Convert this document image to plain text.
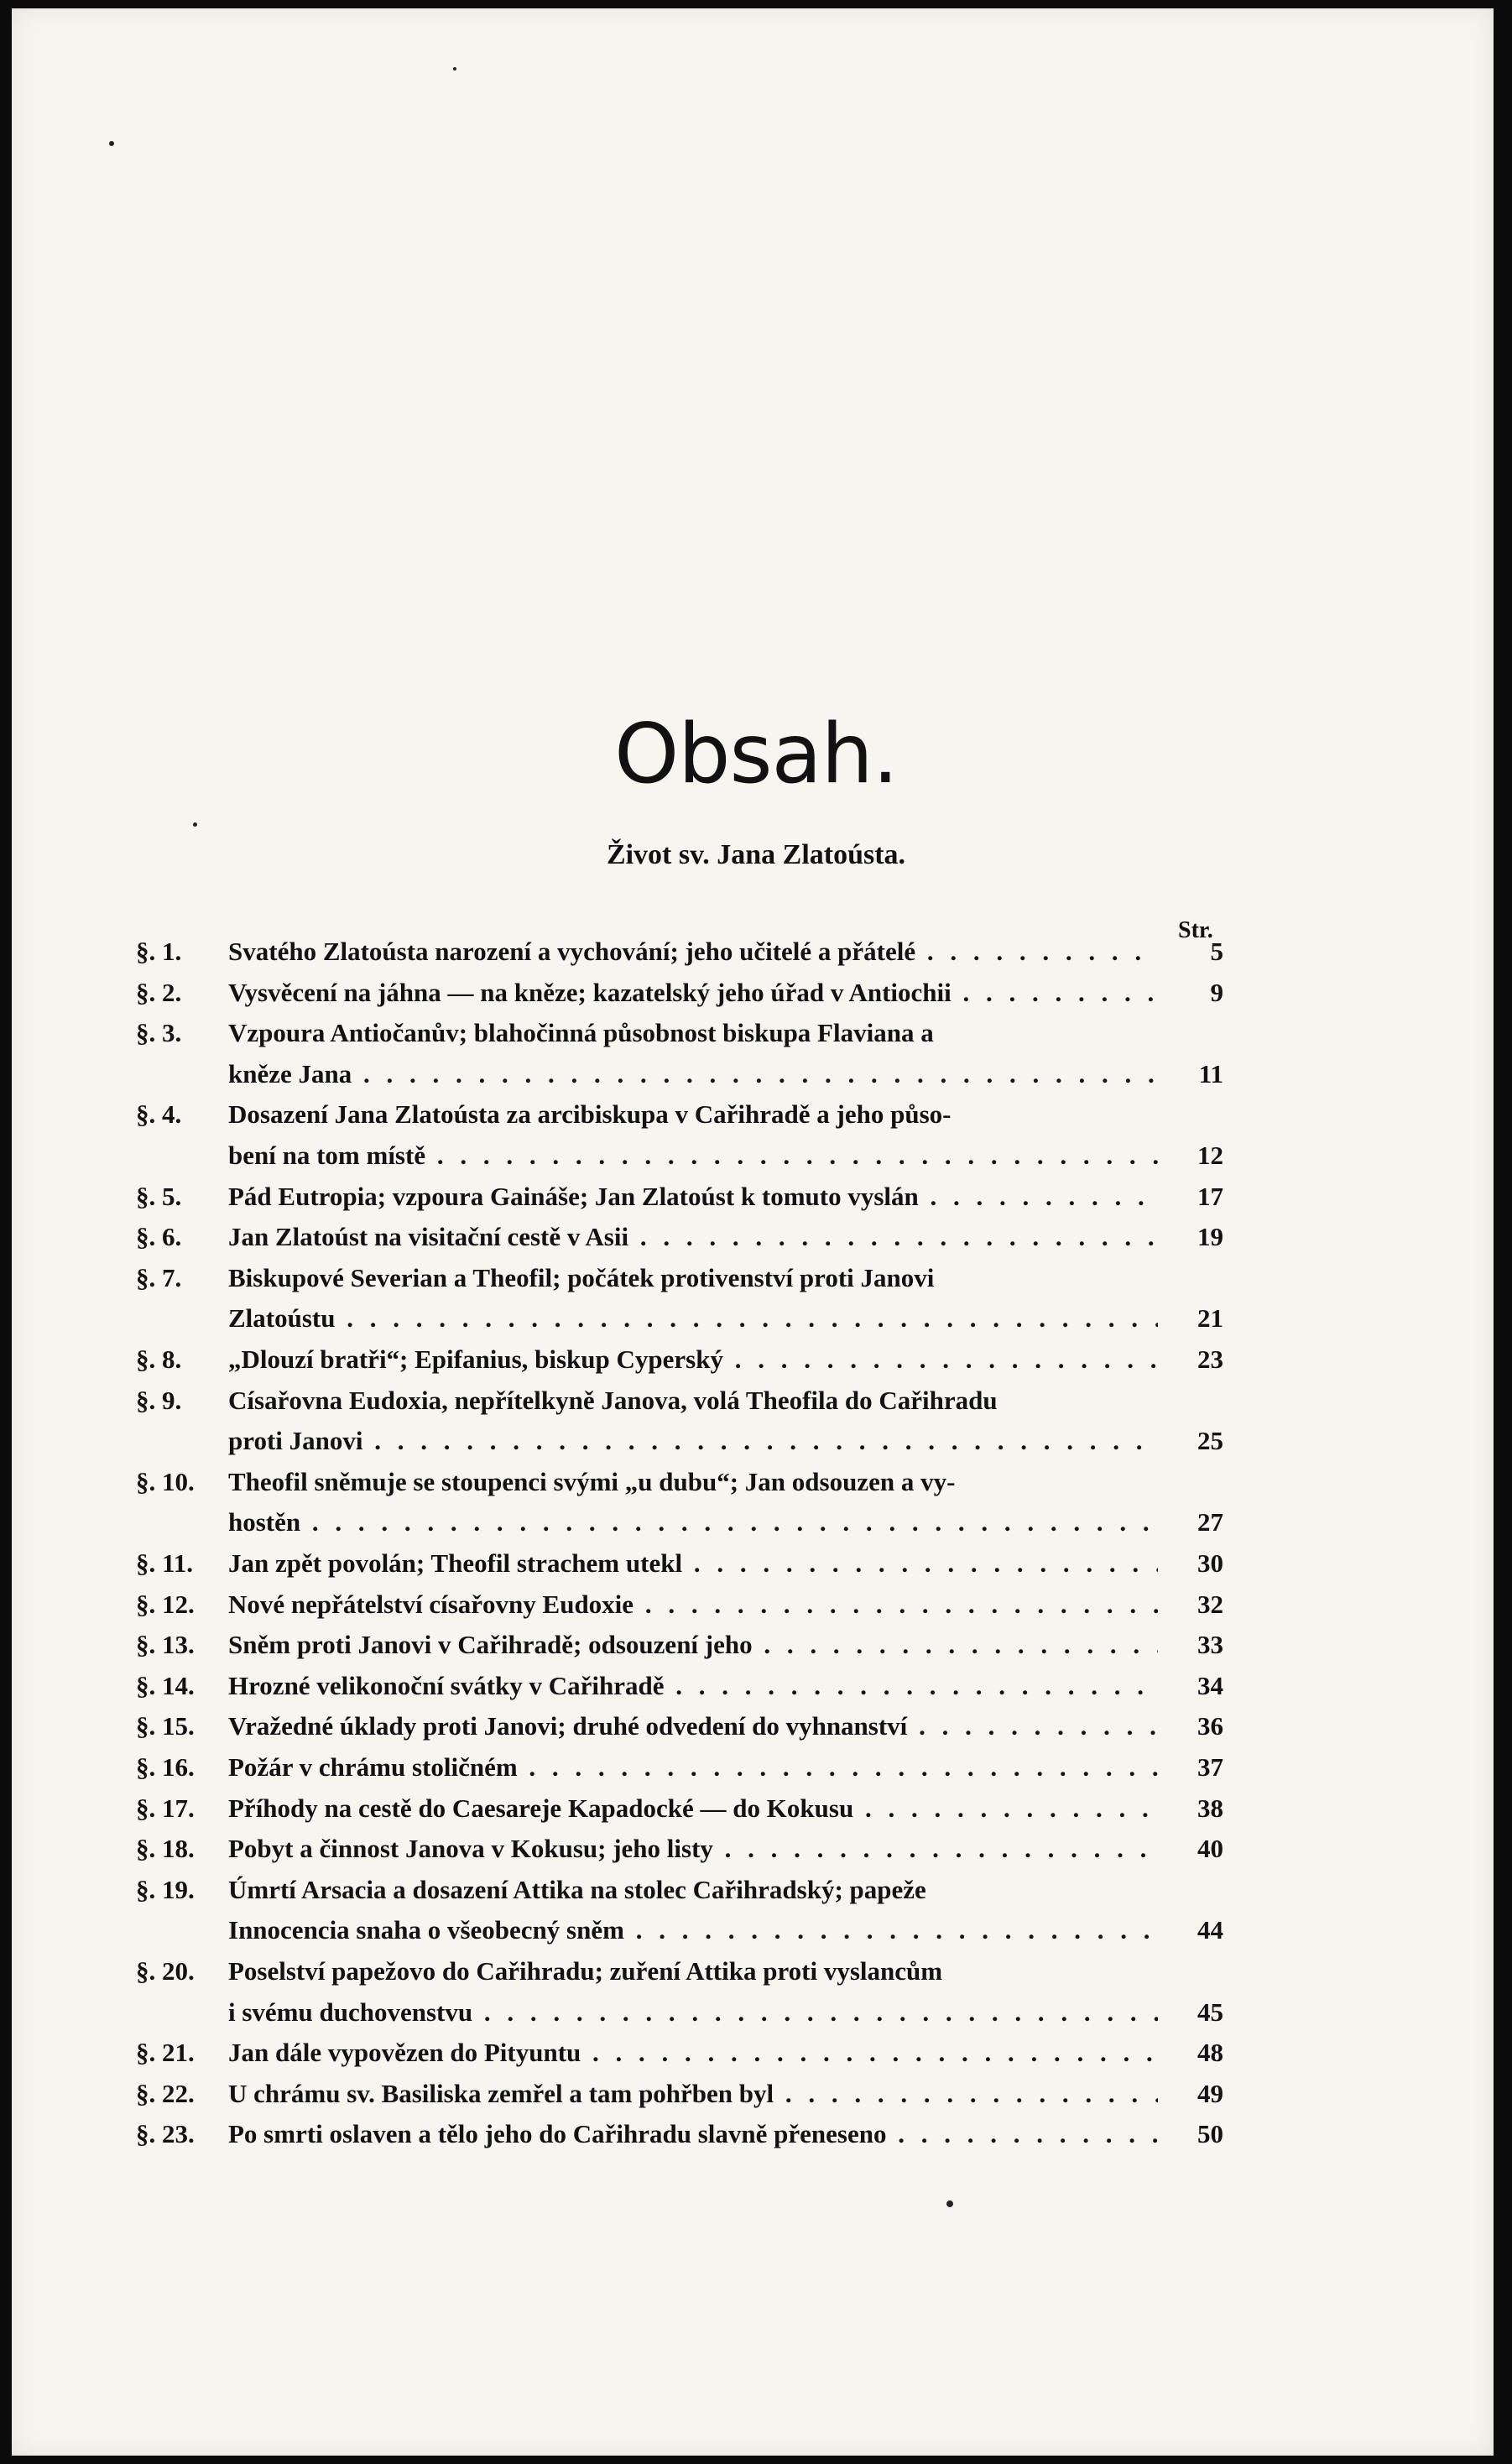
Obsah.
Život sv. Jana Zlatoústa.
Str.
§. 1.	Svatého Zlatoústa narození a vychování; jeho učitelé a přátelé . . .	5
§. 2.	Vysvěcení na jáhna — na kněze; kazatelský jeho úřad v Antiochii . . .	9
§. 3.	Vzpoura Antiočanův; blahočinná působnost biskupa Flaviana a
kněze Jana . . .	11
§. 4.	Dosazení Jana Zlatoústa za arcibiskupa v Cařihradě a jeho půso-
bení na tom místě . . .	12
§. 5.	Pád Eutropia; vzpoura Gaináše; Jan Zlatoúst k tomuto vyslán . . .	17
§. 6.	Jan Zlatoúst na visitační cestě v Asii . . .	19
§. 7.	Biskupové Severian a Theofil; počátek protivenství proti Janovi
Zlatoústu . . .	21
§. 8.	„Dlouzí bratři“; Epifanius, biskup Cyperský . . .	23
§. 9.	Císařovna Eudoxia, nepřítelkyně Janova, volá Theofila do Cařihradu
proti Janovi . . .	25
§. 10.	Theofil sněmuje se stoupenci svými „u dubu“; Jan odsouzen a vy-
hostěn . . .	27
§. 11.	Jan zpět povolán; Theofil strachem utekl . . .	30
§. 12.	Nové nepřátelství císařovny Eudoxie . . .	32
§. 13.	Sněm proti Janovi v Cařihradě; odsouzení jeho . . .	33
§. 14.	Hrozné velikonoční svátky v Cařihradě . . .	34
§. 15.	Vražedné úklady proti Janovi; druhé odvedení do vyhnanství . . .	36
§. 16.	Požár v chrámu stoličném . . .	37
§. 17.	Příhody na cestě do Caesareje Kapadocké — do Kokusu . . .	38
§. 18.	Pobyt a činnost Janova v Kokusu; jeho listy . . .	40
§. 19.	Úmrtí Arsacia a dosazení Attika na stolec Cařihradský; papeže
Innocencia snaha o všeobecný sněm . . .	44
§. 20.	Poselství papežovo do Cařihradu; zuření Attika proti vyslancům
i svému duchovenstvu . . .	45
§. 21.	Jan dále vypovězen do Pityuntu . . .	48
§. 22.	U chrámu sv. Basiliska zemřel a tam pohřben byl . . .	49
§. 23.	Po smrti oslaven a tělo jeho do Cařihradu slavně přeneseno . . .	50
